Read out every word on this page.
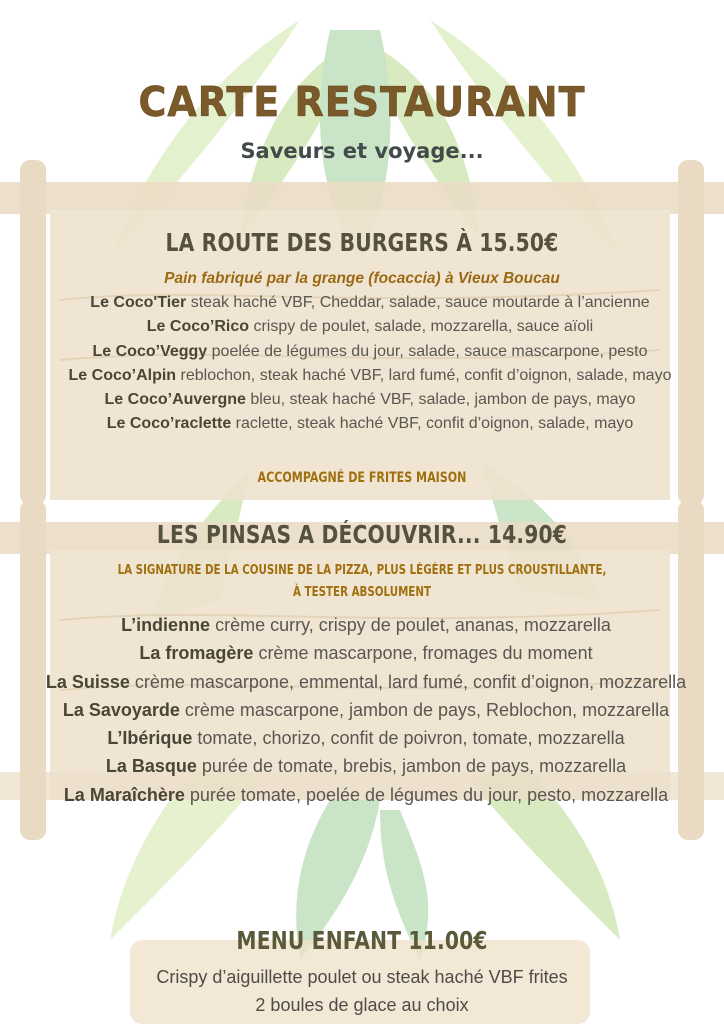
CARTE RESTAURANT
Saveurs et voyage...
LA ROUTE DES BURGERS À 15.50€
Pain fabriqué par la grange (focaccia) à Vieux Boucau
Le Coco'Tier steak haché VBF, Cheddar, salade, sauce moutarde à l’ancienne
Le Coco’Rico crispy de poulet, salade, mozzarella, sauce aïoli
Le Coco’Veggy poelée de légumes du jour, salade, sauce mascarpone, pesto
Le Coco’Alpin reblochon, steak haché VBF, lard fumé, confit d’oignon, salade, mayo
Le Coco’Auvergne bleu, steak haché VBF, salade, jambon de pays, mayo
Le Coco’raclette raclette, steak haché VBF, confit d’oignon, salade, mayo
ACCOMPAGNÉ DE FRITES MAISON
LES PINSAS A DÉCOUVRIR... 14.90€
LA SIGNATURE DE LA COUSINE DE LA PIZZA, PLUS LÉGÈRE ET PLUS CROUSTILLANTE,
À TESTER ABSOLUMENT
L’indienne crème curry, crispy de poulet, ananas, mozzarella
La fromagère crème mascarpone, fromages du moment
La Suisse crème mascarpone, emmental, lard fumé, confit d’oignon, mozzarella
La Savoyarde crème mascarpone, jambon de pays, Reblochon, mozzarella
L’Ibérique tomate, chorizo, confit de poivron, tomate, mozzarella
La Basque purée de tomate, brebis, jambon de pays, mozzarella
La Maraîchère purée tomate, poelée de légumes du jour, pesto, mozzarella
MENU ENFANT 11.00€
Crispy d’aiguillette poulet ou steak haché VBF frites
2 boules de glace au choix
